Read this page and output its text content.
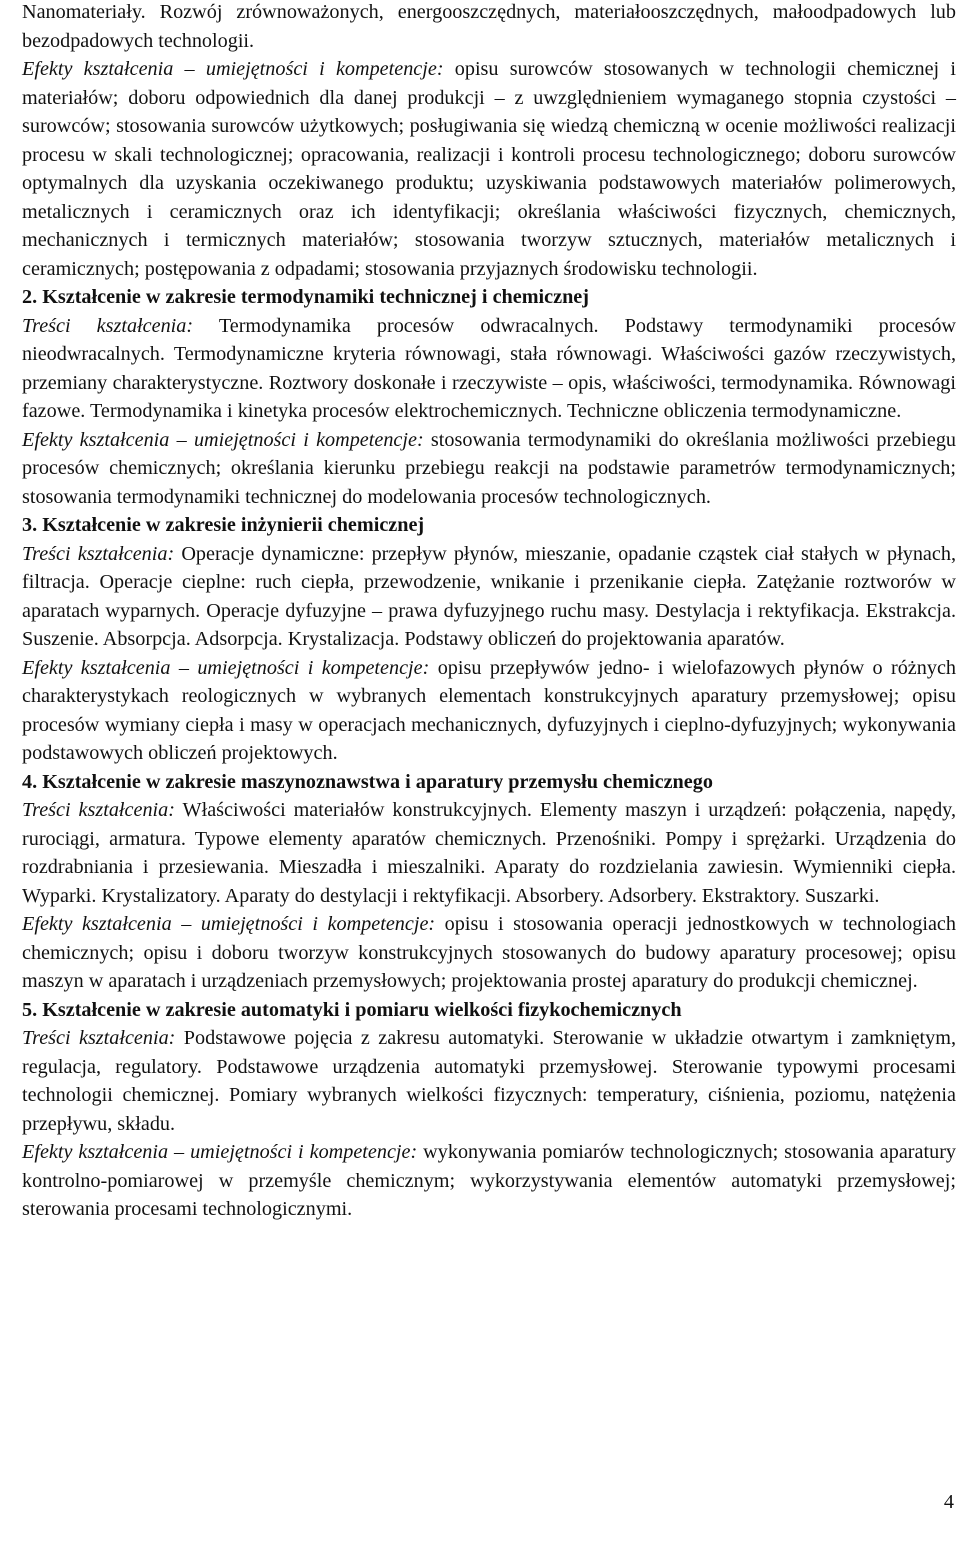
Nanomateriały. Rozwój zrównoważonych, energooszczędnych, materiałooszczędnych, małoodpadowych lub bezodpadowych technologii.

Efekty kształcenia – umiejętności i kompetencje: opisu surowców stosowanych w technologii chemicznej i materiałów; doboru odpowiednich dla danej produkcji – z uwzględnieniem wymaganego stopnia czystości – surowców; stosowania surowców użytkowych; posługiwania się wiedzą chemiczną w ocenie możliwości realizacji procesu w skali technologicznej; opracowania, realizacji i kontroli procesu technologicznego; doboru surowców optymalnych dla uzyskania oczekiwanego produktu; uzyskiwania podstawowych materiałów polimerowych, metalicznych i ceramicznych oraz ich identyfikacji; określania właściwości fizycznych, chemicznych, mechanicznych i termicznych materiałów; stosowania tworzyw sztucznych, materiałów metalicznych i ceramicznych; postępowania z odpadami; stosowania przyjaznych środowisku technologii.

2. Kształcenie w zakresie termodynamiki technicznej i chemicznej

Treści kształcenia: Termodynamika procesów odwracalnych. Podstawy termodynamiki procesów nieodwracalnych. Termodynamiczne kryteria równowagi, stała równowagi. Właściwości gazów rzeczywistych, przemiany charakterystyczne. Roztwory doskonałe i rzeczywiste – opis, właściwości, termodynamika. Równowagi fazowe. Termodynamika i kinetyka procesów elektrochemicznych. Techniczne obliczenia termodynamiczne.

Efekty kształcenia – umiejętności i kompetencje: stosowania termodynamiki do określania możliwości przebiegu procesów chemicznych; określania kierunku przebiegu reakcji na podstawie parametrów termodynamicznych; stosowania termodynamiki technicznej do modelowania procesów technologicznych.

3. Kształcenie w zakresie inżynierii chemicznej

Treści kształcenia: Operacje dynamiczne: przepływ płynów, mieszanie, opadanie cząstek ciał stałych w płynach, filtracja. Operacje cieplne: ruch ciepła, przewodzenie, wnikanie i przenikanie ciepła. Zatężanie roztworów w aparatach wyparnych. Operacje dyfuzyjne – prawa dyfuzyjnego ruchu masy. Destylacja i rektyfikacja. Ekstrakcja. Suszenie. Absorpcja. Adsorpcja. Krystalizacja. Podstawy obliczeń do projektowania aparatów.

Efekty kształcenia – umiejętności i kompetencje: opisu przepływów jedno- i wielofazowych płynów o różnych charakterystykach reologicznych w wybranych elementach konstrukcyjnych aparatury przemysłowej; opisu procesów wymiany ciepła i masy w operacjach mechanicznych, dyfuzyjnych i cieplno-dyfuzyjnych; wykonywania podstawowych obliczeń projektowych.

4. Kształcenie w zakresie maszynoznawstwa i aparatury przemysłu chemicznego

Treści kształcenia: Właściwości materiałów konstrukcyjnych. Elementy maszyn i urządzeń: połączenia, napędy, rurociągi, armatura. Typowe elementy aparatów chemicznych. Przenośniki. Pompy i sprężarki. Urządzenia do rozdrabniania i przesiewania. Mieszadła i mieszalniki. Aparaty do rozdzielania zawiesin. Wymienniki ciepła. Wyparki. Krystalizatory. Aparaty do destylacji i rektyfikacji. Absorbery. Adsorbery. Ekstraktory. Suszarki.

Efekty kształcenia – umiejętności i kompetencje: opisu i stosowania operacji jednostkowych w technologiach chemicznych; opisu i doboru tworzyw konstrukcyjnych stosowanych do budowy aparatury procesowej; opisu maszyn w aparatach i urządzeniach przemysłowych; projektowania prostej aparatury do produkcji chemicznej.

5. Kształcenie w zakresie automatyki i pomiaru wielkości fizykochemicznych

Treści kształcenia: Podstawowe pojęcia z zakresu automatyki. Sterowanie w układzie otwartym i zamkniętym, regulacja, regulatory. Podstawowe urządzenia automatyki przemysłowej. Sterowanie typowymi procesami technologii chemicznej. Pomiary wybranych wielkości fizycznych: temperatury, ciśnienia, poziomu, natężenia przepływu, składu.

Efekty kształcenia – umiejętności i kompetencje: wykonywania pomiarów technologicznych; stosowania aparatury kontrolno-pomiarowej w przemyśle chemicznym; wykorzystywania elementów automatyki przemysłowej; sterowania procesami technologicznymi.

4
